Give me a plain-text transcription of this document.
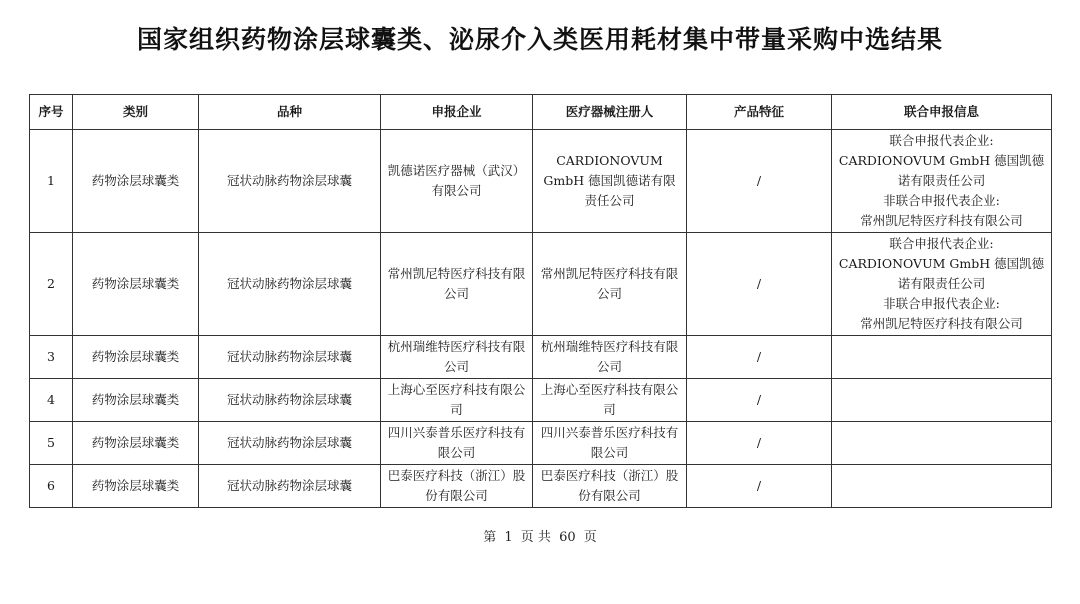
国家组织药物涂层球囊类、泌尿介入类医用耗材集中带量采购中选结果
序号	类别	品种	申报企业	医疗器械注册人	产品特征	联合申报信息
1	药物涂层球囊类	冠状动脉药物涂层球囊	凯德诺医疗器械（武汉）有限公司	CARDIONOVUM GmbH 德国凯德诺有限责任公司	/	联合申报代表企业:
CARDIONOVUM GmbH 德国凯德诺有限责任公司
非联合申报代表企业:
常州凯尼特医疗科技有限公司

2	药物涂层球囊类	冠状动脉药物涂层球囊	常州凯尼特医疗科技有限公司	常州凯尼特医疗科技有限公司	/	联合申报代表企业:
CARDIONOVUM GmbH 德国凯德诺有限责任公司
非联合申报代表企业:
常州凯尼特医疗科技有限公司

3	药物涂层球囊类	冠状动脉药物涂层球囊	杭州瑞维特医疗科技有限公司	杭州瑞维特医疗科技有限公司	/	
4	药物涂层球囊类	冠状动脉药物涂层球囊	上海心至医疗科技有限公司	上海心至医疗科技有限公司	/	
5	药物涂层球囊类	冠状动脉药物涂层球囊	四川兴泰普乐医疗科技有限公司	四川兴泰普乐医疗科技有限公司	/	
6	药物涂层球囊类	冠状动脉药物涂层球囊	巴泰医疗科技（浙江）股份有限公司	巴泰医疗科技（浙江）股份有限公司	/	
第 1 页 共 60 页
